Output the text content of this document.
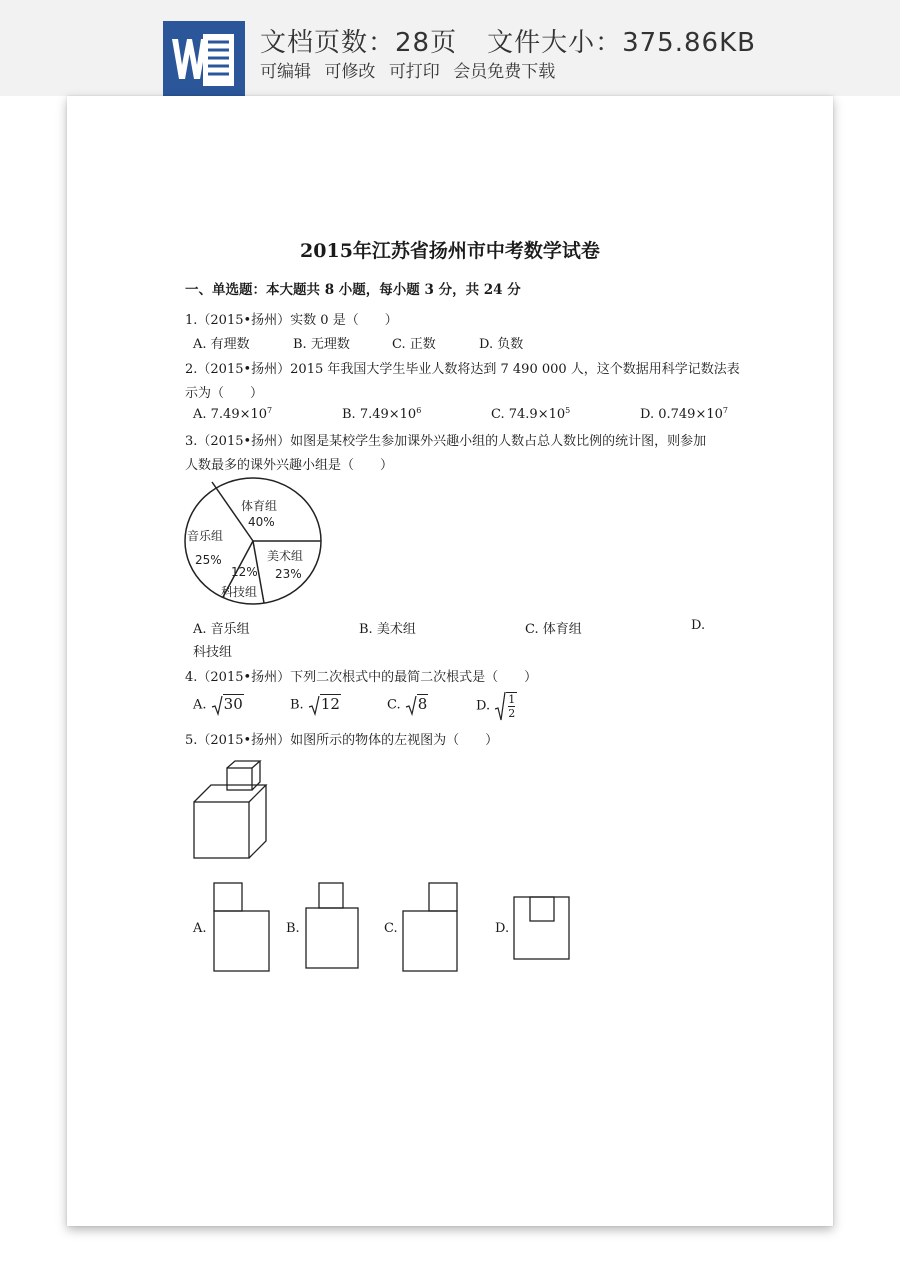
文档页数：28页 文件大小：375.86KB
可编辑 可修改 可打印 会员免费下载
2015年江苏省扬州市中考数学试卷
一、单选题：本大题共 8 小题，每小题 3 分，共 24 分
1.（2015•扬州）实数 0 是（　　）
A. 有理数	B. 无理数	C. 正数	D. 负数
2.（2015•扬州）2015 年我国大学生毕业人数将达到 7 490 000 人，这个数据用科学记数法表
示为（　　）
A. $7.49\times 10^7$	B. $7.49\times 10^6$	C. $74.9\times 10^5$	D. $0.749\times 10^7$
3.（2015•扬州）如图是某校学生参加课外兴趣小组的人数占总人数比例的统计图，则参加
人数最多的课外兴趣小组是（　　）
体育组
40%
音乐组
25%
12%
科技组
美术组
23%
A. 音乐组	B. 美术组	C. 体育组	D.
科技组
4.（2015•扬州）下列二次根式中的最简二次根式是（　　）
A. 30	B. 12	C. 8	D. $\frac{1}{2}$
5.（2015•扬州）如图所示的物体的左视图为（　　）
A.	B.	C.	D.
